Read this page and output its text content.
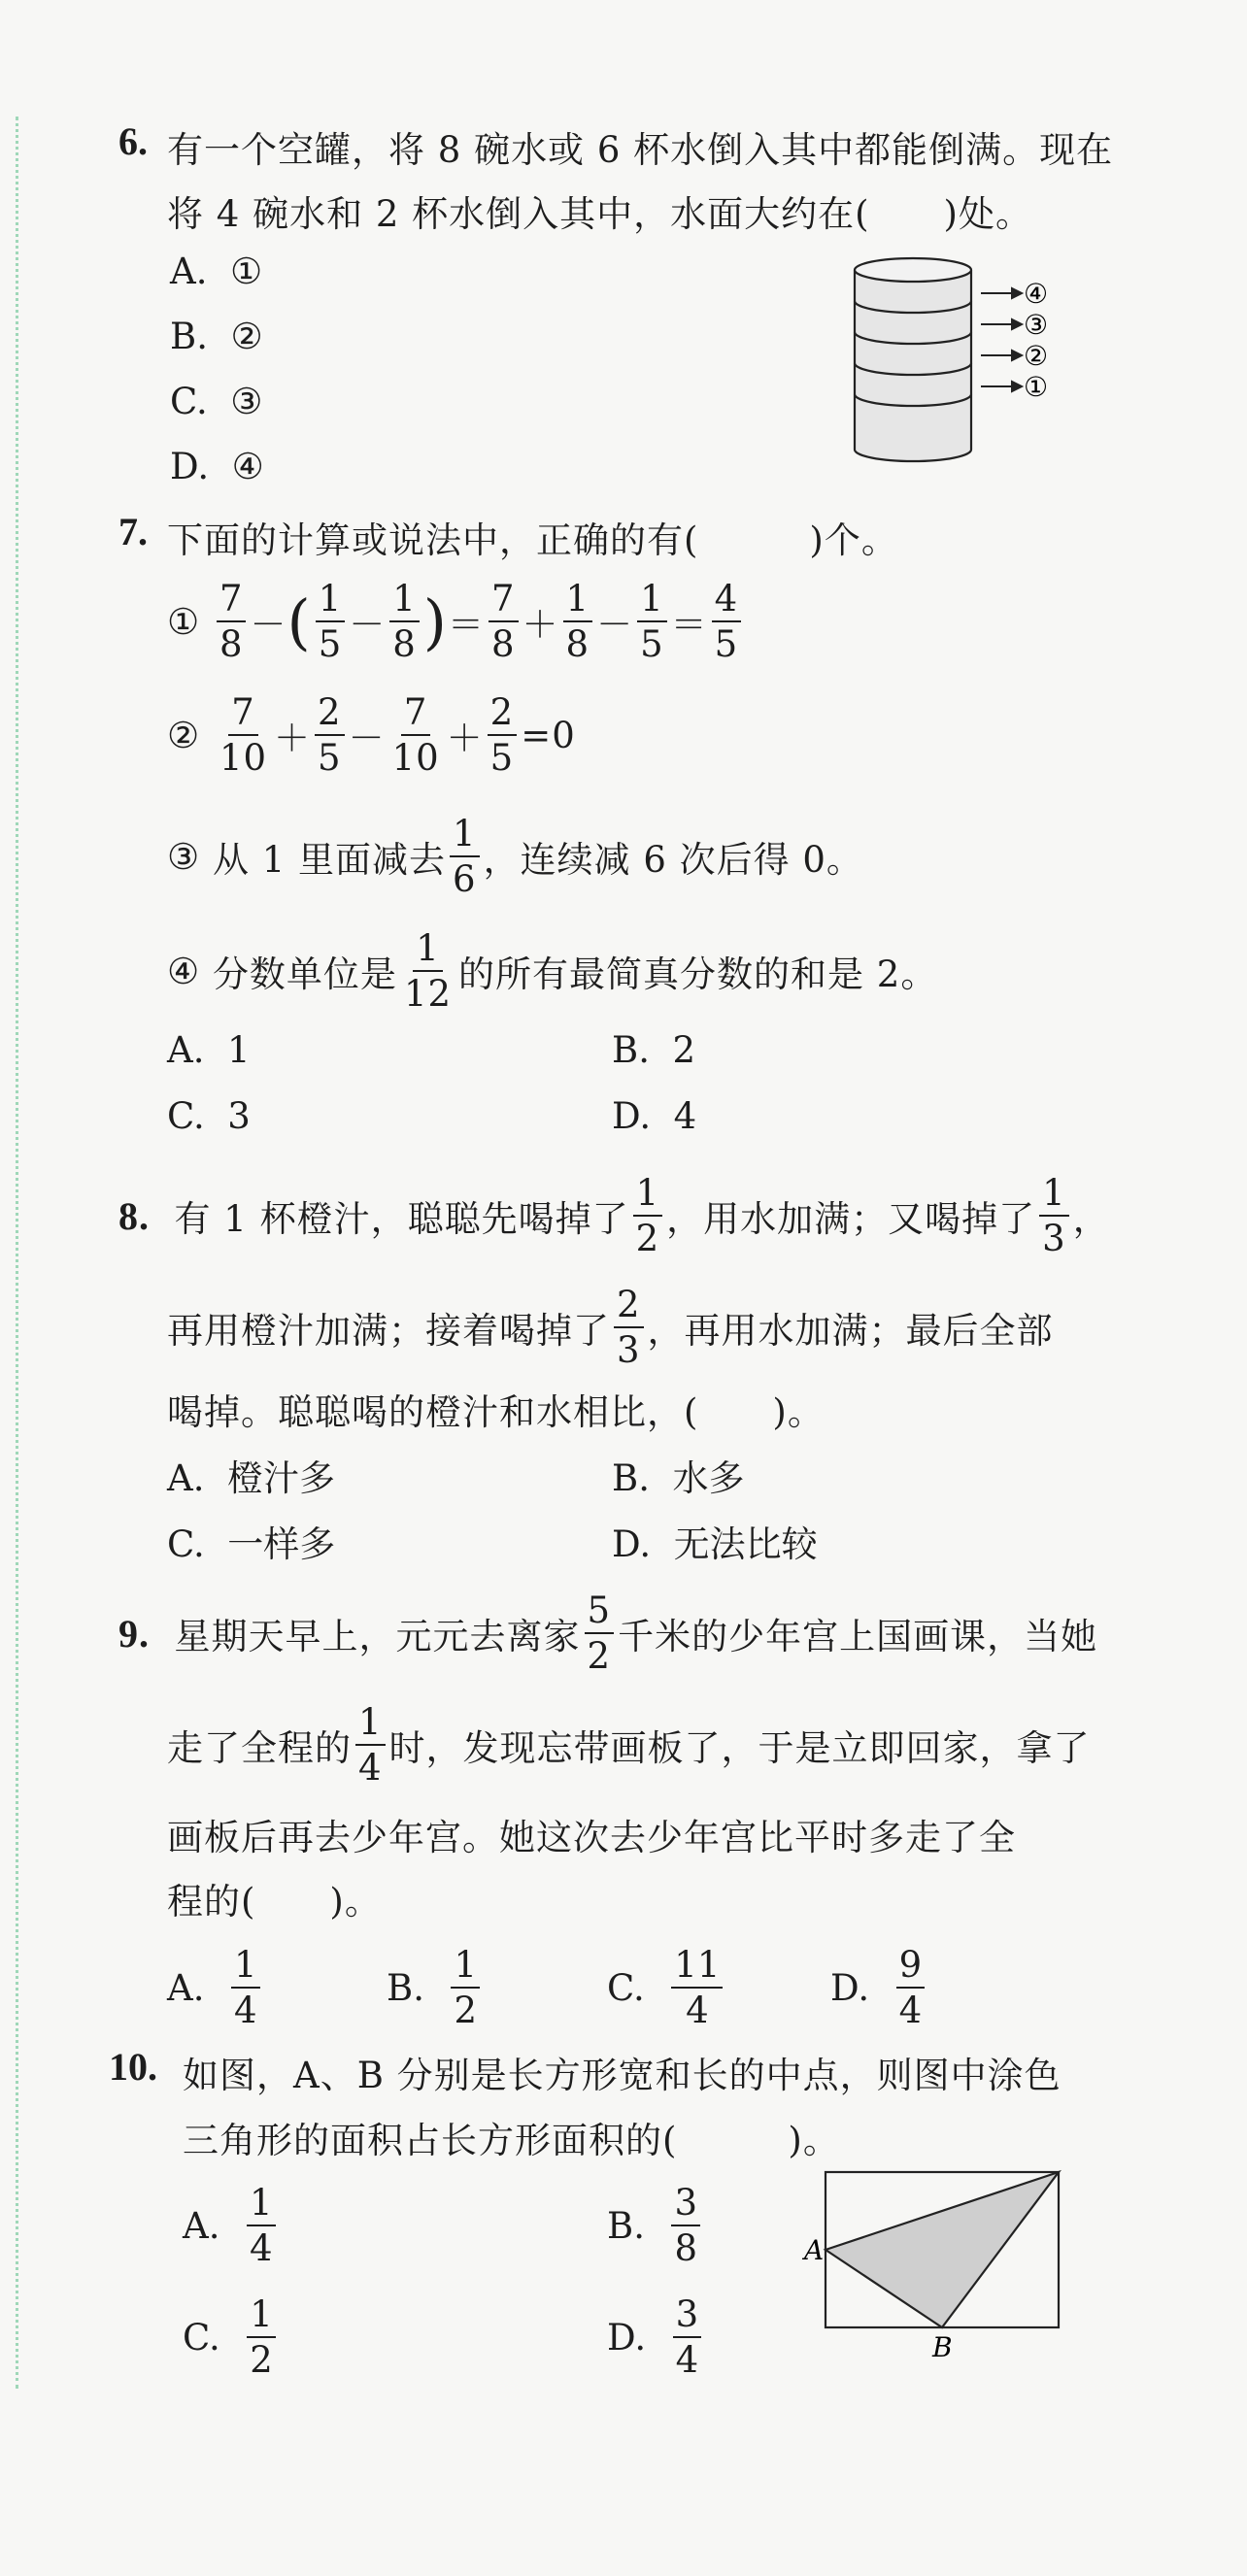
6. 有一个空罐，将 8 碗水或 6 杯水倒入其中都能倒满。现在
将 4 碗水和 2 杯水倒入其中，水面大约在(　　)处。
A. ①
B. ②
C. ③
D. ④
④
③
②
①
7. 下面的计算或说法中，正确的有(　　　)个。
①
$\frac{7}{8}$ － ( $\frac{1}{5} - \frac{1}{8}$ ) ＝ $\frac{7}{8} + \frac{1}{8} - \frac{1}{5} = \frac{4}{5}$
②
$\frac{7}{10} + \frac{2}{5} - \frac{7}{10} + \frac{2}{5} =0$
③
从 1 里面减去 $\frac{1}{6}$ ，连续减 6 次后得 0。
④
分数单位是 $\frac{1}{12}$ 的所有最简真分数的和是 2。
A. 1	B. 2
C. 3	D. 4
8.
有 1 杯橙汁，聪聪先喝掉了 $\frac{1}{2}$ ，用水加满；又喝掉了 $\frac{1}{3}$ ，
再用橙汁加满；接着喝掉了 $\frac{2}{3}$ ，再用水加满；最后全部
喝掉。聪聪喝的橙汁和水相比，(　　)。
A. 橙汁多	B. 水多
C. 一样多	D. 无法比较
9.
星期天早上，元元去离家 $\frac{5}{2}$ 千米的少年宫上国画课，当她
走了全程的 $\frac{1}{4}$ 时，发现忘带画板了，于是立即回家，拿了
画板后再去少年宫。她这次去少年宫比平时多走了全
程的(　　)。
A.
$\frac{1}{4}$	B.
$\frac{1}{2}$	C.
$\frac{11}{4}$	D.
$\frac{9}{4}$
10. 如图，A、B 分别是长方形宽和长的中点，则图中涂色
三角形的面积占长方形面积的(　　　)。
A.
$\frac{1}{4}$	B.
$\frac{3}{8}$
C.
$\frac{1}{2}$	D.
$\frac{3}{4}$
A
B
